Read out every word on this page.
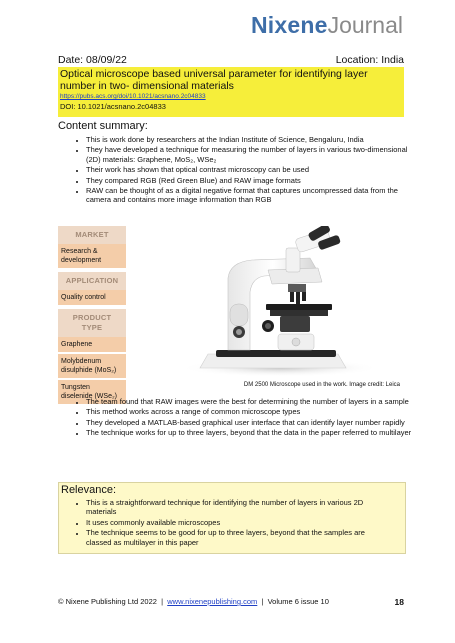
NixeneJournal
Date: 08/09/22	Location: India
Optical microscope based universal parameter for identifying layer number in two- dimensional materials
https://pubs.acs.org/doi/10.1021/acsnano.2c04833
DOI: 10.1021/acsnano.2c04833
Content summary:
• This is work done by researchers at the Indian Institute of Science, Bengaluru, India
• They have developed a technique for measuring the number of layers in various two-dimensional (2D) materials: Graphene, MoS₂, WSe₂
• Their work has shown that optical contrast microscopy can be used
• They compared RGB (Red Green Blue) and RAW image formats
• RAW can be thought of as a digital negative format that captures uncompressed data from the camera and contains more image information than RGB
MARKET
Research & development
APPLICATION
Quality control
PRODUCT TYPE
Graphene
Molybdenum disulphide (MoS₂)
Tungsten diselenide (WSe₂)
DM 2500 Microscope used in the work. Image credit: Leica
• The team found that RAW images were the best for determining the number of layers in a sample
• This method works across a range of common microscope types
• They developed a MATLAB-based graphical user interface that can identify layer number rapidly
• The technique works for up to three layers, beyond that the data in the paper referred to multilayer
Relevance:
• This is a straightforward technique for identifying the number of layers in various 2D materials
• It uses commonly available microscopes
• The technique seems to be good for up to three layers, beyond that the samples are classed as multilayer in this paper
© Nixene Publishing Ltd 2022 | www.nixenepublishing.com | Volume 6 issue 10	18
